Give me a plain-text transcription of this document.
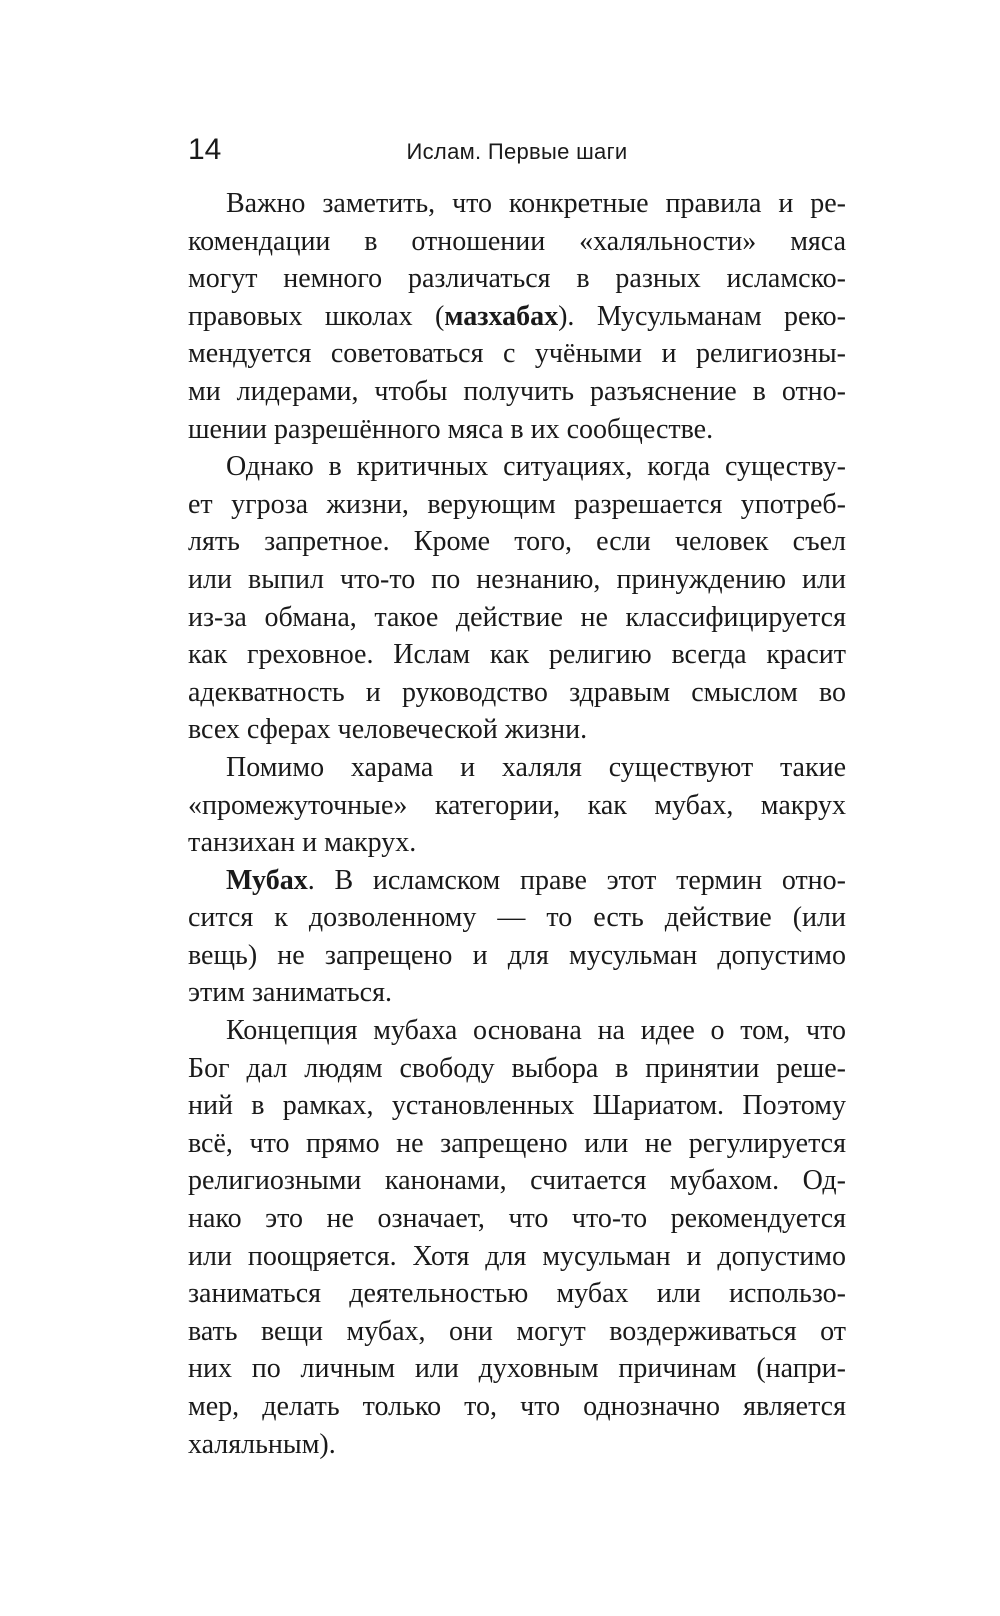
14	Ислам. Первые шаги
Важно заметить, что конкретные правила и ре-
комендации в отношении «халяльности» мяса
могут немного различаться в разных исламско-
правовых школах (мазхабах). Мусульманам реко-
мендуется советоваться с учёными и религиозны-
ми лидерами, чтобы получить разъяснение в отно-
шении разрешённого мяса в их сообществе.
Однако в критичных ситуациях, когда существу-
ет угроза жизни, верующим разрешается употреб-
лять запретное. Кроме того, если человек съел
или выпил что-то по незнанию, принуждению или
из-за обмана, такое действие не классифицируется
как греховное. Ислам как религию всегда красит
адекватность и руководство здравым смыслом во
всех сферах человеческой жизни.
Помимо харама и халяля существуют такие
«промежуточные» категории, как мубах, макрух
танзихан и макрух.
Мубах. В исламском праве этот термин отно-
сится к дозволенному — то есть действие (или
вещь) не запрещено и для мусульман допустимо
этим заниматься.
Концепция мубаха основана на идее о том, что
Бог дал людям свободу выбора в принятии реше-
ний в рамках, установленных Шариатом. Поэтому
всё, что прямо не запрещено или не регулируется
религиозными канонами, считается мубахом. Од-
нако это не означает, что что-то рекомендуется
или поощряется. Хотя для мусульман и допустимо
заниматься деятельностью мубах или использо-
вать вещи мубах, они могут воздерживаться от
них по личным или духовным причинам (напри-
мер, делать только то, что однозначно является
халяльным).
